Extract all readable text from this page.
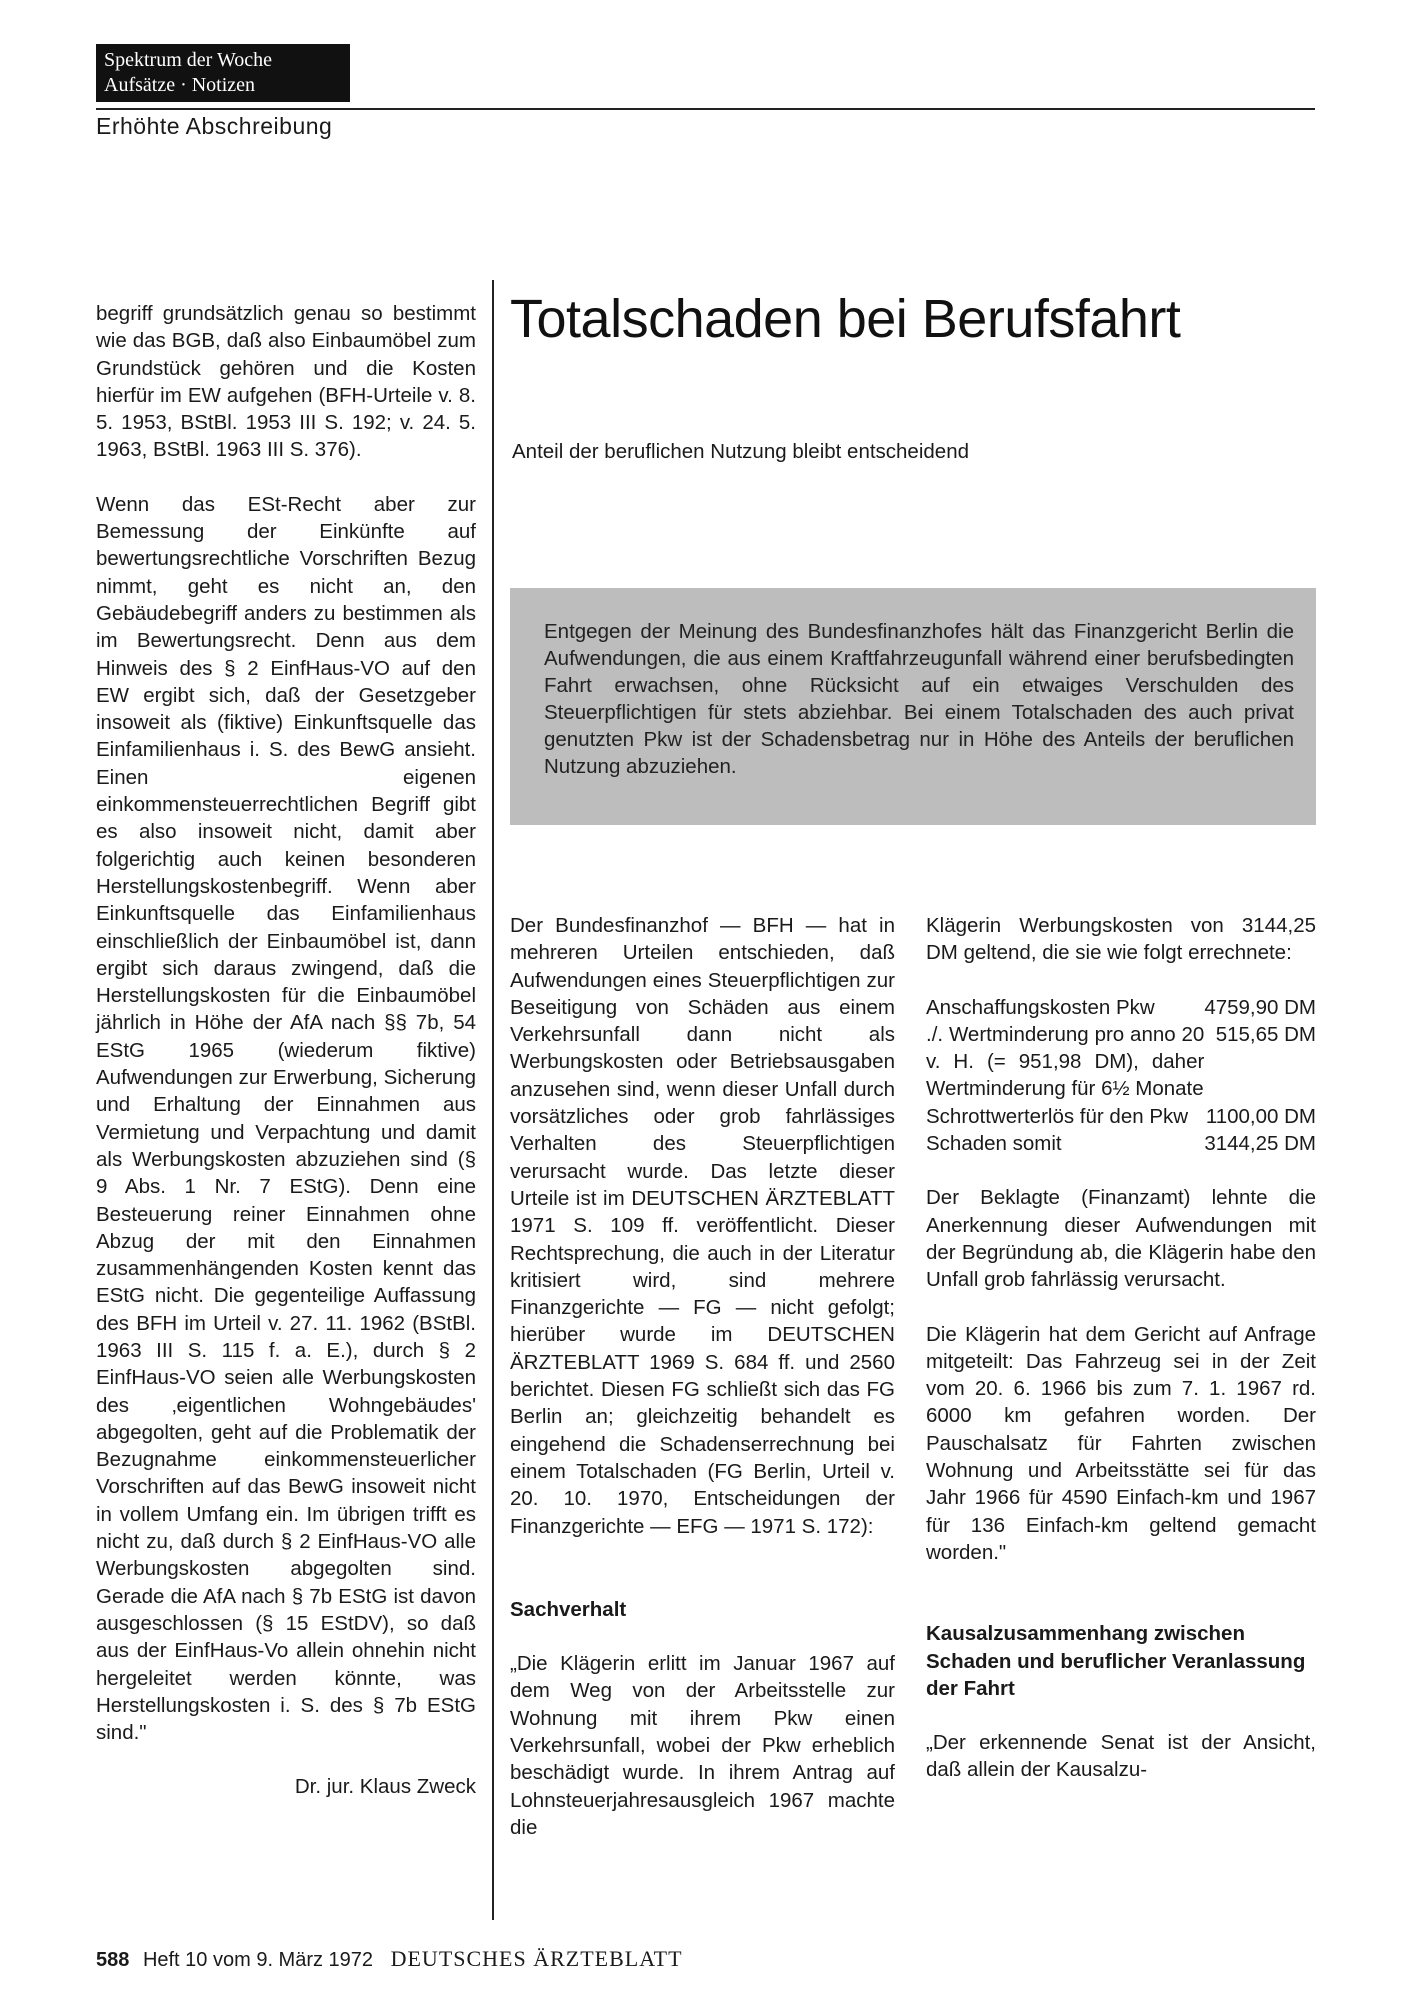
Spektrum der Woche
Aufsätze · Notizen
Erhöhte Abschreibung

begriff grundsätzlich genau so bestimmt wie das BGB, daß also Einbaumöbel zum Grundstück gehören und die Kosten hierfür im EW aufgehen (BFH-Urteile v. 8. 5. 1953, BStBl. 1953 III S. 192; v. 24. 5. 1963, BStBl. 1963 III S. 376).

Wenn das ESt-Recht aber zur Bemessung der Einkünfte auf bewertungsrechtliche Vorschriften Bezug nimmt, geht es nicht an, den Gebäudebegriff anders zu bestimmen als im Bewertungsrecht. Denn aus dem Hinweis des § 2 EinfHaus-VO auf den EW ergibt sich, daß der Gesetzgeber insoweit als (fiktive) Einkunftsquelle das Einfamilienhaus i. S. des BewG ansieht. Einen eigenen einkommensteuerrechtlichen Begriff gibt es also insoweit nicht, damit aber folgerichtig auch keinen besonderen Herstellungskostenbegriff. Wenn aber Einkunftsquelle das Einfamilienhaus einschließlich der Einbaumöbel ist, dann ergibt sich daraus zwingend, daß die Herstellungskosten für die Einbaumöbel jährlich in Höhe der AfA nach §§ 7b, 54 EStG 1965 (wiederum fiktive) Aufwendungen zur Erwerbung, Sicherung und Erhaltung der Einnahmen aus Vermietung und Verpachtung und damit als Werbungskosten abzuziehen sind (§ 9 Abs. 1 Nr. 7 EStG). Denn eine Besteuerung reiner Einnahmen ohne Abzug der mit den Einnahmen zusammenhängenden Kosten kennt das EStG nicht. Die gegenteilige Auffassung des BFH im Urteil v. 27. 11. 1962 (BStBl. 1963 III S. 115 f. a. E.), durch § 2 EinfHaus-VO seien alle Werbungskosten des ‚eigentlichen Wohngebäudes' abgegolten, geht auf die Problematik der Bezugnahme einkommensteuerlicher Vorschriften auf das BewG insoweit nicht in vollem Umfang ein. Im übrigen trifft es nicht zu, daß durch § 2 EinfHaus-VO alle Werbungskosten abgegolten sind. Gerade die AfA nach § 7b EStG ist davon ausgeschlossen (§ 15 EStDV), so daß aus der EinfHaus-Vo allein ohnehin nicht hergeleitet werden könnte, was Herstellungskosten i. S. des § 7b EStG sind."

Dr. jur. Klaus Zweck

Totalschaden bei Berufsfahrt
Anteil der beruflichen Nutzung bleibt entscheidend
Entgegen der Meinung des Bundesfinanzhofes hält das Finanzgericht Berlin die Aufwendungen, die aus einem Kraftfahrzeugunfall während einer berufsbedingten Fahrt erwachsen, ohne Rücksicht auf ein etwaiges Verschulden des Steuerpflichtigen für stets abziehbar. Bei einem Totalschaden des auch privat genutzten Pkw ist der Schadensbetrag nur in Höhe des Anteils der beruflichen Nutzung abzuziehen.

Der Bundesfinanzhof — BFH — hat in mehreren Urteilen entschieden, daß Aufwendungen eines Steuerpflichtigen zur Beseitigung von Schäden aus einem Verkehrsunfall dann nicht als Werbungskosten oder Betriebsausgaben anzusehen sind, wenn dieser Unfall durch vorsätzliches oder grob fahrlässiges Verhalten des Steuerpflichtigen verursacht wurde. Das letzte dieser Urteile ist im DEUTSCHEN ÄRZTEBLATT 1971 S. 109 ff. veröffentlicht. Dieser Rechtsprechung, die auch in der Literatur kritisiert wird, sind mehrere Finanzgerichte — FG — nicht gefolgt; hierüber wurde im DEUTSCHEN ÄRZTEBLATT 1969 S. 684 ff. und 2560 berichtet. Diesen FG schließt sich das FG Berlin an; gleichzeitig behandelt es eingehend die Schadenserrechnung bei einem Totalschaden (FG Berlin, Urteil v. 20. 10. 1970, Entscheidungen der Finanzgerichte — EFG — 1971 S. 172):

Sachverhalt

„Die Klägerin erlitt im Januar 1967 auf dem Weg von der Arbeitsstelle zur Wohnung mit ihrem Pkw einen Verkehrsunfall, wobei der Pkw erheblich beschädigt wurde. In ihrem Antrag auf Lohnsteuerjahresausgleich 1967 machte die

Klägerin Werbungskosten von 3144,25 DM geltend, die sie wie folgt errechnete:

Anschaffungskosten Pkw	4759,90 DM
./. Wertminderung pro anno 20 v. H. (= 951,98 DM), daher Wertminderung für 6½ Monate	515,65 DM
Schrottwerterlös für den Pkw	1100,00 DM
Schaden somit	3144,25 DM

Der Beklagte (Finanzamt) lehnte die Anerkennung dieser Aufwendungen mit der Begründung ab, die Klägerin habe den Unfall grob fahrlässig verursacht.

Die Klägerin hat dem Gericht auf Anfrage mitgeteilt: Das Fahrzeug sei in der Zeit vom 20. 6. 1966 bis zum 7. 1. 1967 rd. 6000 km gefahren worden. Der Pauschalsatz für Fahrten zwischen Wohnung und Arbeitsstätte sei für das Jahr 1966 für 4590 Einfach-km und 1967 für 136 Einfach-km geltend gemacht worden."

Kausalzusammenhang zwischen Schaden und beruflicher Veranlassung der Fahrt

„Der erkennende Senat ist der Ansicht, daß allein der Kausalzu-

588 Heft 10 vom 9. März 1972 DEUTSCHES ÄRZTEBLATT
